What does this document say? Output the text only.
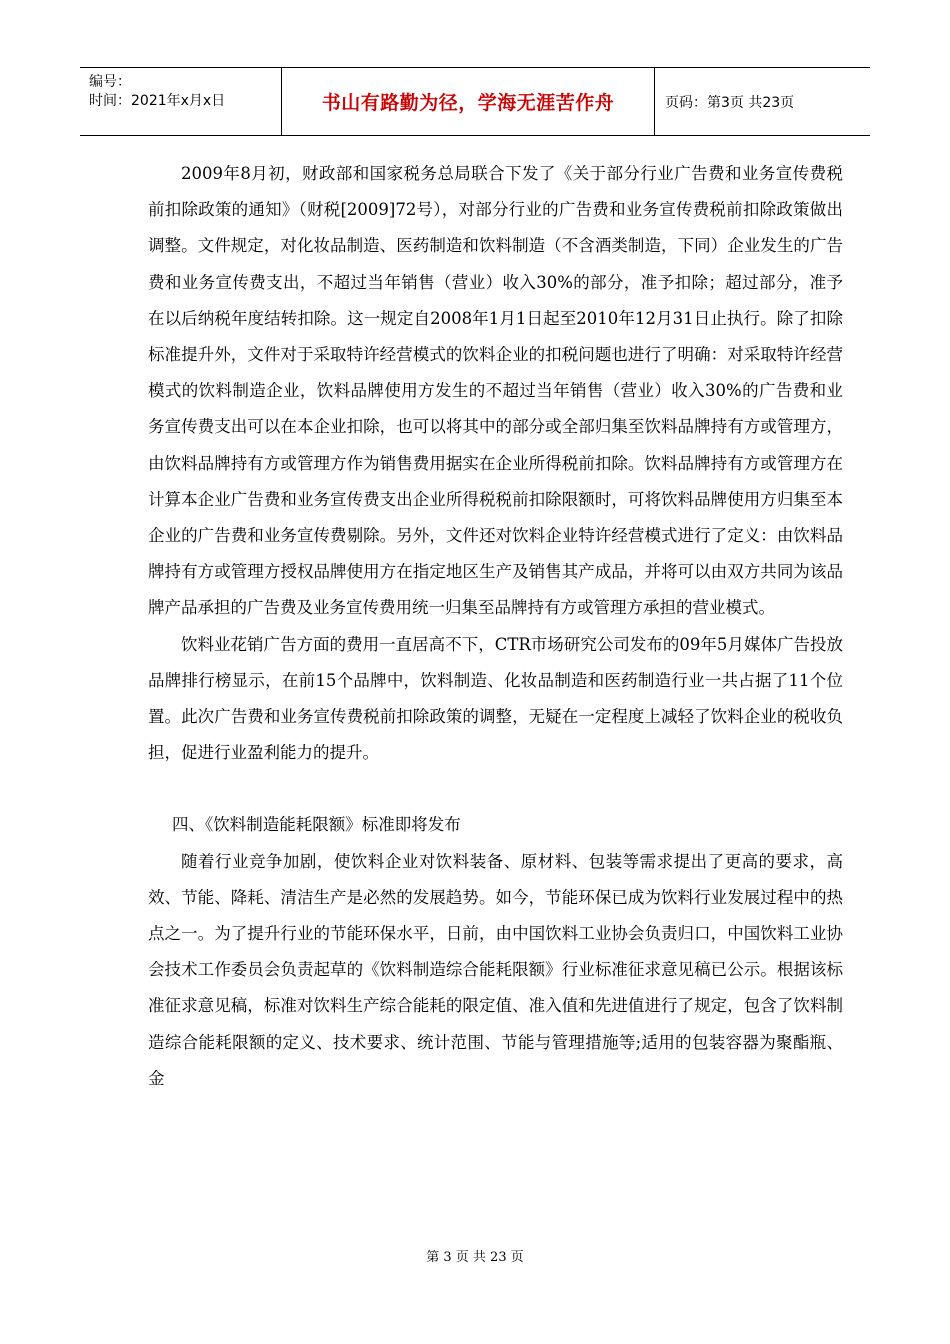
编号：
时间：2021年x月x日	书山有路勤为径，学海无涯苦作舟	页码：第3页 共23页

2009年8月初，财政部和国家税务总局联合下发了《关于部分行业广告费和业务宣传费税前扣除政策的通知》（财税[2009]72号），对部分行业的广告费和业务宣传费税前扣除政策做出调整。文件规定，对化妆品制造、医药制造和饮料制造（不含酒类制造，下同）企业发生的广告费和业务宣传费支出，不超过当年销售（营业）收入30%的部分，准予扣除；超过部分，准予在以后纳税年度结转扣除。这一规定自2008年1月1日起至2010年12月31日止执行。除了扣除标准提升外，文件对于采取特许经营模式的饮料企业的扣税问题也进行了明确：对采取特许经营模式的饮料制造企业，饮料品牌使用方发生的不超过当年销售（营业）收入30%的广告费和业务宣传费支出可以在本企业扣除，也可以将其中的部分或全部归集至饮料品牌持有方或管理方，由饮料品牌持有方或管理方作为销售费用据实在企业所得税前扣除。饮料品牌持有方或管理方在计算本企业广告费和业务宣传费支出企业所得税税前扣除限额时，可将饮料品牌使用方归集至本企业的广告费和业务宣传费剔除。另外，文件还对饮料企业特许经营模式进行了定义：由饮料品牌持有方或管理方授权品牌使用方在指定地区生产及销售其产成品，并将可以由双方共同为该品牌产品承担的广告费及业务宣传费用统一归集至品牌持有方或管理方承担的营业模式。

饮料业花销广告方面的费用一直居高不下，CTR市场研究公司发布的09年5月媒体广告投放品牌排行榜显示，在前15个品牌中，饮料制造、化妆品制造和医药制造行业一共占据了11个位置。此次广告费和业务宣传费税前扣除政策的调整，无疑在一定程度上减轻了饮料企业的税收负担，促进行业盈利能力的提升。

四、《饮料制造能耗限额》标准即将发布

随着行业竞争加剧，使饮料企业对饮料装备、原材料、包装等需求提出了更高的要求，高效、节能、降耗、清洁生产是必然的发展趋势。如今，节能环保已成为饮料行业发展过程中的热点之一。为了提升行业的节能环保水平，日前，由中国饮料工业协会负责归口，中国饮料工业协会技术工作委员会负责起草的《饮料制造综合能耗限额》行业标准征求意见稿已公示。根据该标准征求意见稿，标准对饮料生产综合能耗的限定值、准入值和先进值进行了规定，包含了饮料制造综合能耗限额的定义、技术要求、统计范围、节能与管理措施等;适用的包装容器为聚酯瓶、金

第 3 页 共 23 页
